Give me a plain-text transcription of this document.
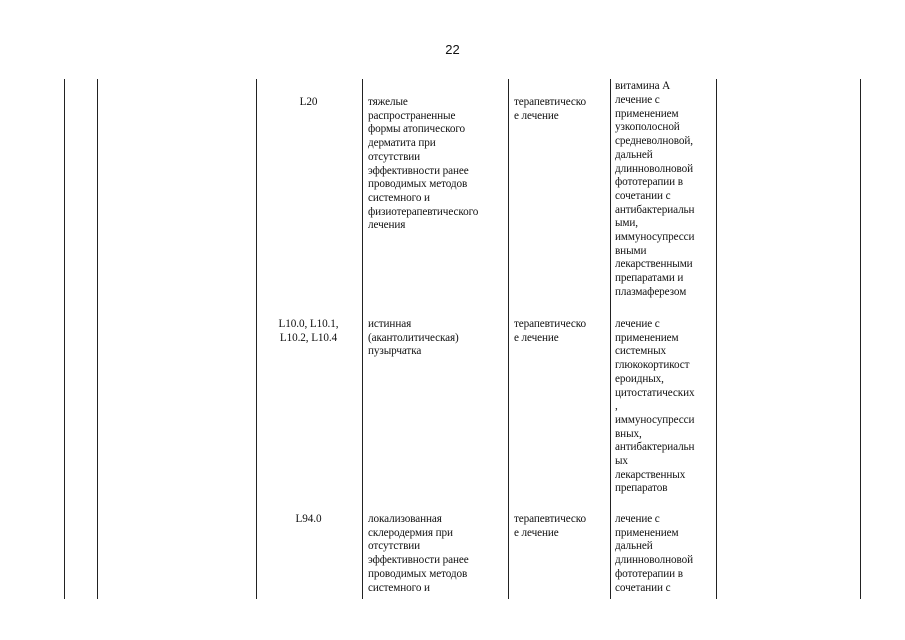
22
витамина А
L20	тяжелые
распространенные
формы атопического
дерматита при
отсутствии
эффективности ранее
проводимых методов
системного и
физиотерапевтического
лечения
терапевтическо
е лечение
лечение с
применением
узкополосной
средневолновой,
дальней
длинноволновой
фототерапии в
сочетании с
антибактериальн
ыми,
иммуносупресси
вными
лекарственными
препаратами и
плазмаферезом
L10.0, L10.1,
L10.2, L10.4
истинная
(акантолитическая)
пузырчатка
терапевтическо
е лечение
лечение с
применением
системных
глюкокортикост
ероидных,
цитостатических
,
иммуносупресси
вных,
антибактериальн
ых
лекарственных
препаратов
L94.0	локализованная
склеродермия при
отсутствии
эффективности ранее
проводимых методов
системного и
терапевтическо
е лечение
лечение с
применением
дальней
длинноволновой
фототерапии в
сочетании с
